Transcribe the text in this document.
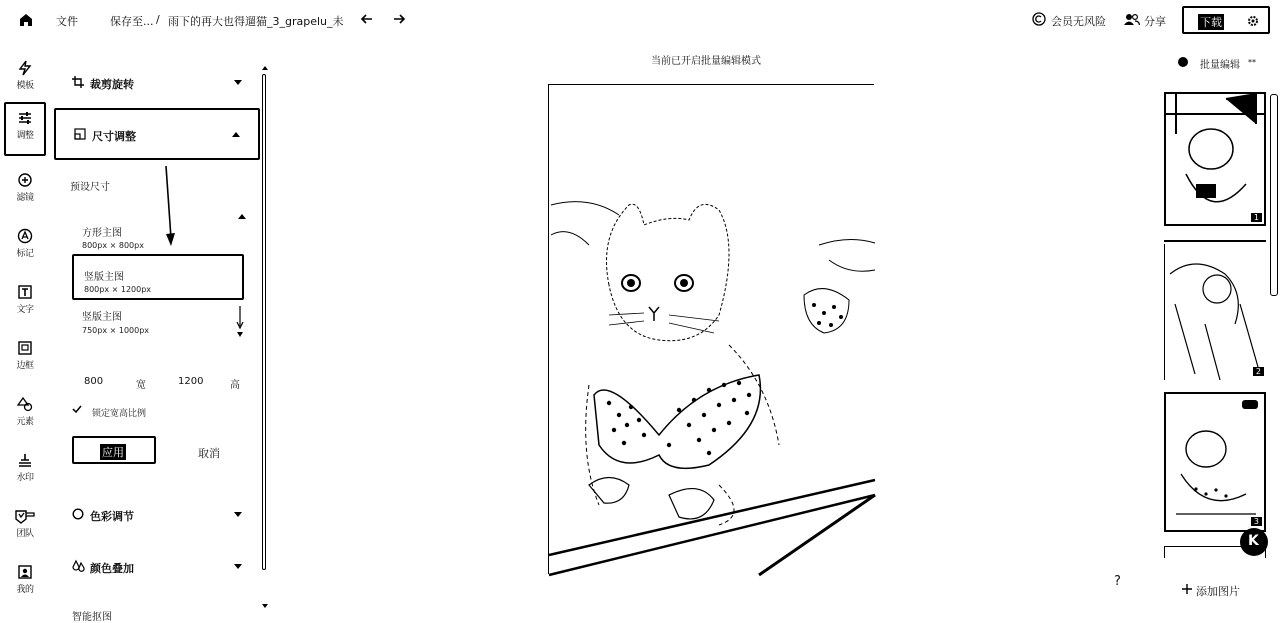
文件	保存至... / 雨下的再大也得遛猫_3_grapelu_未	会员无风险	分享	下载
模板
调整
滤镜
标记
文字
边框
元素
水印
团队
我的
裁剪旋转
尺寸调整
预设尺寸
方形主图
800px × 800px
竖版主图
800px × 1200px
竖版主图
750px × 1000px
800	宽	1200	高
锁定宽高比例
应用	取消
色彩调节
颜色叠加
智能抠图
当前已开启批量编辑模式	批量编辑 **
1
2
3
K
?
添加图片
